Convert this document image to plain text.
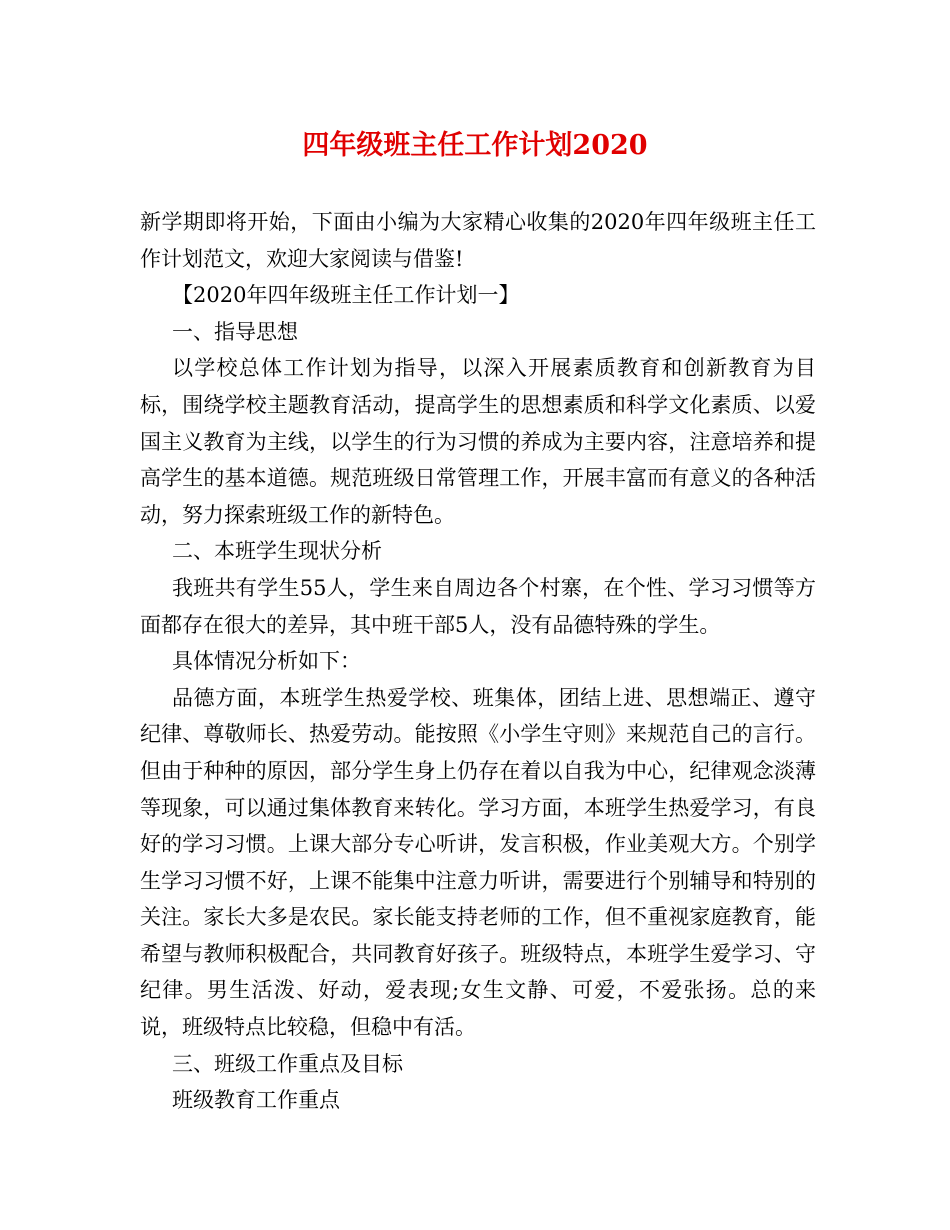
四年级班主任工作计划2020

新学期即将开始，下面由小编为大家精心收集的2020年四年级班主任工作计划范文，欢迎大家阅读与借鉴!

【2020年四年级班主任工作计划一】

一、指导思想

以学校总体工作计划为指导，以深入开展素质教育和创新教育为目标，围绕学校主题教育活动，提高学生的思想素质和科学文化素质、以爱国主义教育为主线，以学生的行为习惯的养成为主要内容，注意培养和提高学生的基本道德。规范班级日常管理工作，开展丰富而有意义的各种活动，努力探索班级工作的新特色。

二、本班学生现状分析

我班共有学生55人，学生来自周边各个村寨，在个性、学习习惯等方面都存在很大的差异，其中班干部5人，没有品德特殊的学生。

具体情况分析如下：

品德方面，本班学生热爱学校、班集体，团结上进、思想端正、遵守纪律、尊敬师长、热爱劳动。能按照《小学生守则》来规范自己的言行。但由于种种的原因，部分学生身上仍存在着以自我为中心，纪律观念淡薄等现象，可以通过集体教育来转化。学习方面，本班学生热爱学习，有良好的学习习惯。上课大部分专心听讲，发言积极，作业美观大方。个别学生学习习惯不好，上课不能集中注意力听讲，需要进行个别辅导和特别的关注。家长大多是农民。家长能支持老师的工作，但不重视家庭教育，能希望与教师积极配合，共同教育好孩子。班级特点，本班学生爱学习、守纪律。男生活泼、好动，爱表现;女生文静、可爱，不爱张扬。总的来说，班级特点比较稳，但稳中有活。

三、班级工作重点及目标

班级教育工作重点
